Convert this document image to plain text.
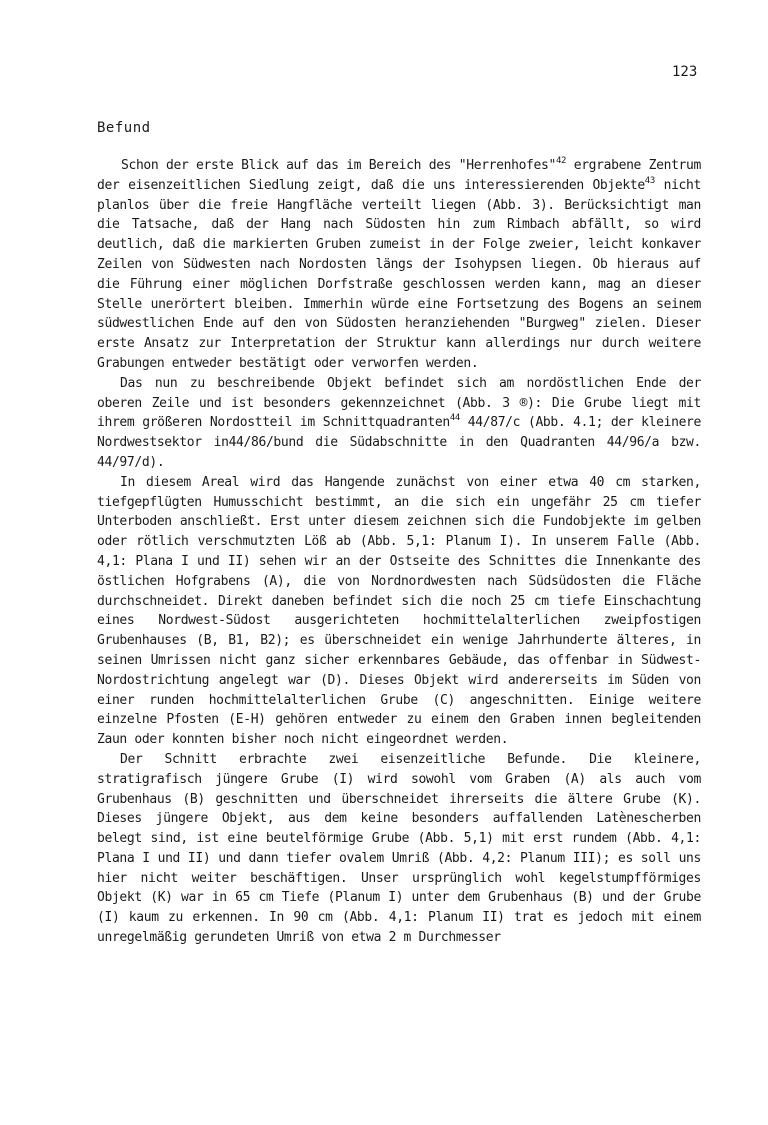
123
Befund

Schon der erste Blick auf das im Bereich des "Herrenhofes"$^{42}$ ergrabene Zentrum der eisenzeitlichen Siedlung zeigt, daß die uns interessierenden Objekte$^{43}$ nicht planlos über die freie Hangfläche verteilt liegen (Abb. 3). Berücksichtigt man die Tatsache, daß der Hang nach Südosten hin zum Rimbach abfällt, so wird deutlich, daß die markierten Gruben zumeist in der Folge zweier, leicht konkaver Zeilen von Südwesten nach Nordosten längs der Isohypsen liegen. Ob hieraus auf die Führung einer möglichen Dorfstraße geschlossen werden kann, mag an dieser Stelle unerörtert bleiben. Immerhin würde eine Fortsetzung des Bogens an seinem südwestlichen Ende auf den von Südosten heranziehenden "Burgweg" zielen. Dieser erste Ansatz zur Interpretation der Struktur kann allerdings nur durch weitere Grabungen entweder bestätigt oder verworfen werden.

Das nun zu beschreibende Objekt befindet sich am nordöstlichen Ende der oberen Zeile und ist besonders gekennzeichnet (Abb. 3 ®): Die Grube liegt mit ihrem größeren Nordostteil im Schnittquadranten$^{44}$ 44/87/c (Abb. 4.1; der kleinere Nordwestsektor in44/86/bund die Südabschnitte in den Quadranten 44/96/a bzw. 44/97/d).

In diesem Areal wird das Hangende zunächst von einer etwa 40 cm starken, tiefgepflügten Humusschicht bestimmt, an die sich ein ungefähr 25 cm tiefer Unterboden anschließt. Erst unter diesem zeichnen sich die Fundobjekte im gelben oder rötlich verschmutzten Löß ab (Abb. 5,1: Planum I). In unserem Falle (Abb. 4,1: Plana I und II) sehen wir an der Ostseite des Schnittes die Innenkante des östlichen Hofgrabens (A), die von Nordnordwesten nach Südsüdosten die Fläche durchschneidet. Direkt daneben befindet sich die noch 25 cm tiefe Einschachtung eines Nordwest-Südost ausgerichteten hochmittelalterlichen zweipfostigen Grubenhauses (B, B1, B2); es überschneidet ein wenige Jahrhunderte älteres, in seinen Umrissen nicht ganz sicher erkennbares Gebäude, das offenbar in Südwest-Nordostrichtung angelegt war (D). Dieses Objekt wird andererseits im Süden von einer runden hochmittelalterlichen Grube (C) angeschnitten. Einige weitere einzelne Pfosten (E-H) gehören entweder zu einem den Graben innen begleitenden Zaun oder konnten bisher noch nicht eingeordnet werden.

Der Schnitt erbrachte zwei eisenzeitliche Befunde. Die kleinere, stratigrafisch jüngere Grube (I) wird sowohl vom Graben (A) als auch vom Grubenhaus (B) geschnitten und überschneidet ihrerseits die ältere Grube (K). Dieses jüngere Objekt, aus dem keine besonders auffallenden Latènescherben belegt sind, ist eine beutelförmige Grube (Abb. 5,1) mit erst rundem (Abb. 4,1: Plana I und II) und dann tiefer ovalem Umriß (Abb. 4,2: Planum III); es soll uns hier nicht weiter beschäftigen. Unser ursprünglich wohl kegelstumpfförmiges Objekt (K) war in 65 cm Tiefe (Planum I) unter dem Grubenhaus (B) und der Grube (I) kaum zu erkennen. In 90 cm (Abb. 4,1: Planum II) trat es jedoch mit einem unregelmäßig gerundeten Umriß von etwa 2 m Durchmesser
